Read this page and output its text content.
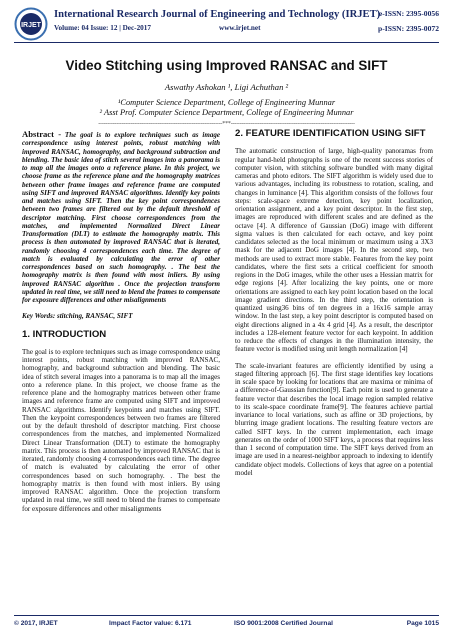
IRJET
International Research Journal of Engineering and Technology (IRJET)
Volume: 04 Issue: 12 | Dec-2017	www.irjet.net
e-ISSN: 2395-0056
p-ISSN: 2395-0072
Video Stitching using Improved RANSAC and SIFT
Aswathy Ashokan ¹, Ligi Achuthan ²
¹Computer Science Department, College of Engineering Munnar
² Asst Prof. Computer Science Department, College of Engineering Munnar
---------------------------------------------------------------------***---------------------------------------------------------------------
Abstract - The goal is to explore techniques such as image correspondence using interest points, robust matching with improved RANSAC, homography, and background subtraction and blending. The basic idea of stitch several images into a panorama is to map all the images onto a reference plane. In this project, we choose frame as the reference plane and the homography matrices between other frame images and reference frame are computed using SIFT and improved RANSAC algorithms. Identify key points and matches using SIFT. Then the key point correspondences between two frames are filtered out by the default threshold of descriptor matching. First choose correspondences from the matches, and implemented Normalized Direct Linear Transformation (DLT) to estimate the homography matrix. This process is then automated by improved RANSAC that is iterated, randomly choosing 4 correspondences each time. The degree of match is evaluated by calculating the error of other correspondences based on such homography. . The best the homography matrix is then found with most inliers. By using improved RANSAC algorithm . Once the projection transform updated in real time, we still need to blend the frames to compensate for exposure differences and other misalignments
Key Words: stitching, RANSAC, SIFT
1. INTRODUCTION

The goal is to explore techniques such as image correspondence using interest points, robust matching with improved RANSAC, homography, and background subtraction and blending. The basic idea of stitch several images into a panorama is to map all the images onto a reference plane. In this project, we choose frame as the reference plane and the homography matrices between other frame images and reference frame are computed using SIFT and improved RANSAC algorithms. Identify keypoints and matches using SIFT. Then the keypoint correspondences between two frames are filtered out by the default threshold of descriptor matching. First choose correspondences from the matches, and implemented Normalized Direct Linear Transformation (DLT) to estimate the homography matrix. This process is then automated by improved RANSAC that is iterated, randomly choosing 4 correspondences each time. The degree of match is evaluated by calculating the error of other correspondences based on such homography. . The best the homography matrix is then found with most inliers. By using improved RANSAC algorithm. Once the projection transform updated in real time, we still need to blend the frames to compensate for exposure differences and other misalignments

2. FEATURE IDENTIFICATION USING SIFT

The automatic construction of large, high-quality panoramas from regular hand-held photographs is one of the recent success stories of computer vision, with stitching software bundled with many digital cameras and photo editors. The SIFT algorithm is widely used due to various advantages, including its robustness to rotation, scaling, and changes in luminance [4]. This algorithm consists of the follows four steps: scale-space extreme detection, key point localization, orientation assignment, and a key point descriptor. In the first step, images are reproduced with different scales and are defined as the octave [4]. A difference of Gaussian (DoG) image with different sigma values is then calculated for each octave, and key point candidates selected as the local minimum or maximum using a 3X3 mask for the adjacent DoG images [4]. In the second step, two methods are used to extract more stable. Features from the key point candidates, where the first sets a critical coefficient for smooth regions in the DoG images, while the other uses a Hessian matrix for edge regions [4]. After localizing the key points, one or more orientations are assigned to each key point location based on the local image gradient directions. In the third step, the orientation is quantized using36 bins of ten degrees in a 16x16 sample array window. In the last step, a key point descriptor is computed based on eight directions aligned in a 4x 4 grid [4]. As a result, the descriptor includes a 128-element feature vector for each keypoint. In addition to reduce the effects of changes in the illumination intensity, the feature vector is modified using unit length normalization [4]

The scale-invariant features are efficiently identified by using a staged filtering approach [6]. The first stage identifies key locations in scale space by looking for locations that are maxima or minima of a difference-of-Gaussian function[9]. Each point is used to generate a feature vector that describes the local image region sampled relative to its scale-space coordinate frame[9]. The features achieve partial invariance to local variations, such as affine or 3D projections, by blurring image gradient locations. The resulting feature vectors are called SIFT keys. In the current implementation, each image generates on the order of 1000 SIFT keys, a process that requires less than 1 second of computation time. The SIFT keys derived from an image are used in a nearest-neighbor approach to indexing to identify candidate object models. Collections of keys that agree on a potential model

© 2017, IRJET	Impact Factor value: 6.171	ISO 9001:2008 Certified Journal	Page 1015
